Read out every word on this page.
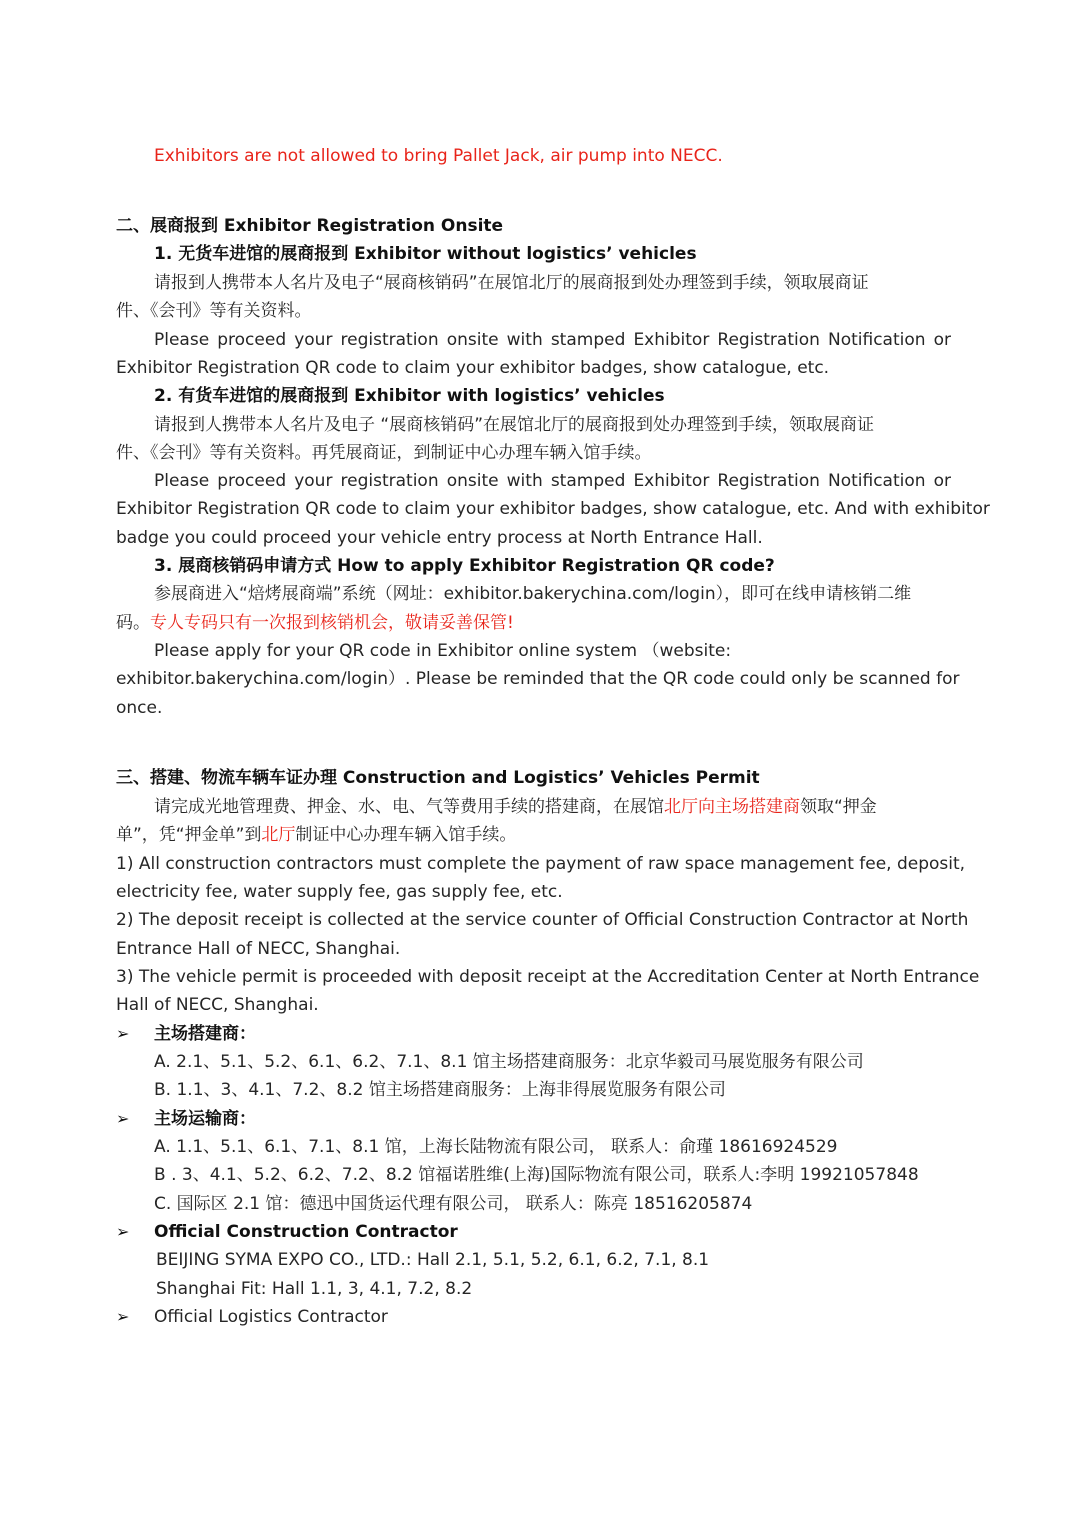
Exhibitors are not allowed to bring Pallet Jack, air pump into NECC.
二、展商报到 Exhibitor Registration Onsite
1. 无货车进馆的展商报到 Exhibitor without logistics’ vehicles
请报到人携带本人名片及电子“展商核销码”在展馆北厅的展商报到处办理签到手续，领取展商证
件、《会刊》等有关资料。
Please proceed your registration onsite with stamped Exhibitor Registration Notification or
Exhibitor Registration QR code to claim your exhibitor badges, show catalogue, etc.
2. 有货车进馆的展商报到 Exhibitor with logistics’ vehicles
请报到人携带本人名片及电子 “展商核销码”在展馆北厅的展商报到处办理签到手续，领取展商证
件、《会刊》等有关资料。再凭展商证，到制证中心办理车辆入馆手续。
Please proceed your registration onsite with stamped Exhibitor Registration Notification or
Exhibitor Registration QR code to claim your exhibitor badges, show catalogue, etc. And with exhibitor
badge you could proceed your vehicle entry process at North Entrance Hall.
3. 展商核销码申请方式 How to apply Exhibitor Registration QR code?
参展商进入“焙烤展商端”系统（网址：exhibitor.bakerychina.com/login），即可在线申请核销二维
码。专人专码只有一次报到核销机会，敬请妥善保管!
Please apply for your QR code in Exhibitor online system （website:
exhibitor.bakerychina.com/login）. Please be reminded that the QR code could only be scanned for
once.
三、搭建、物流车辆车证办理 Construction and Logistics’ Vehicles Permit
请完成光地管理费、押金、水、电、气等费用手续的搭建商，在展馆北厅向主场搭建商领取“押金
单”，凭“押金单”到北厅制证中心办理车辆入馆手续。
1) All construction contractors must complete the payment of raw space management fee, deposit,
electricity fee, water supply fee, gas supply fee, etc.
2) The deposit receipt is collected at the service counter of Official Construction Contractor at North
Entrance Hall of NECC, Shanghai.
3) The vehicle permit is proceeded with deposit receipt at the Accreditation Center at North Entrance
Hall of NECC, Shanghai.
➢ 主场搭建商：
A. 2.1、5.1、5.2、6.1、6.2、7.1、8.1 馆主场搭建商服务：北京华毅司马展览服务有限公司
B. 1.1、3、4.1、7.2、8.2 馆主场搭建商服务：上海非得展览服务有限公司
➢ 主场运输商：
A. 1.1、5.1、6.1、7.1、8.1 馆，上海长陆物流有限公司， 联系人：俞瑾 18616924529
B . 3、4.1、5.2、6.2、7.2、8.2 馆福诺胜维(上海)国际物流有限公司，联系人:李明 19921057848
C. 国际区 2.1 馆：德迅中国货运代理有限公司， 联系人：陈亮 18516205874
➢ Official Construction Contractor
BEIJING SYMA EXPO CO., LTD.: Hall 2.1, 5.1, 5.2, 6.1, 6.2, 7.1, 8.1
Shanghai Fit: Hall 1.1, 3, 4.1, 7.2, 8.2
➢ Official Logistics Contractor
